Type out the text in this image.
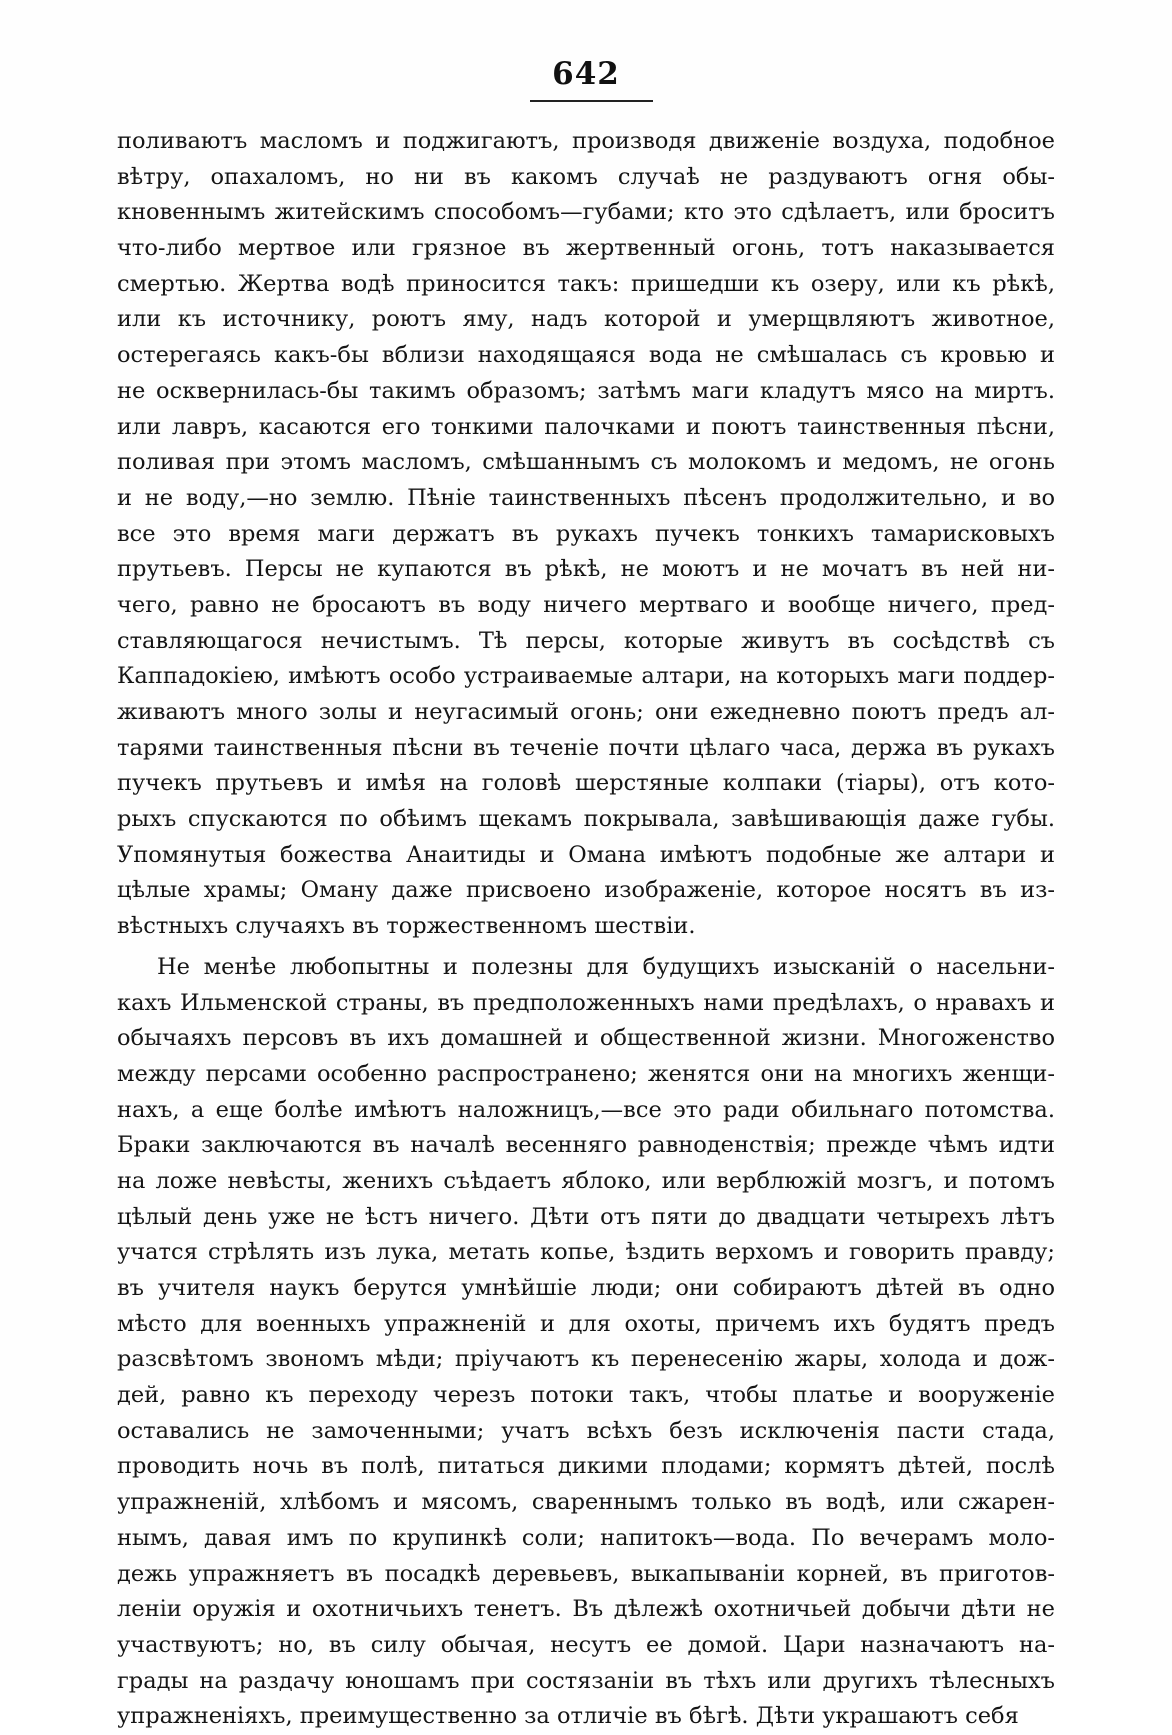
642
поливаютъ масломъ и поджигаютъ, производя движенiе воздуха, подобное
вѣтру, опахаломъ, но ни въ какомъ случаѣ не раздуваютъ огня обы-
кновеннымъ житейскимъ способомъ—губами; кто это сдѣлаетъ, или броситъ
что-либо мертвое или грязное въ жертвенный огонь, тотъ наказывается
смертью. Жертва водѣ приносится такъ: пришедши къ озеру, или къ рѣкѣ,
или къ источнику, роютъ яму, надъ которой и умерщвляютъ животное,
остерегаясь какъ-бы вблизи находящаяся вода не смѣшалась съ кровью и
не осквернилась-бы такимъ образомъ; затѣмъ маги кладутъ мясо на миртъ.
или лавръ, касаются его тонкими палочками и поютъ таинственныя пѣсни,
поливая при этомъ масломъ, смѣшаннымъ съ молокомъ и медомъ, не огонь
и не воду,—но землю. Пѣнiе таинственныхъ пѣсенъ продолжительно, и во
все это время маги держатъ въ рукахъ пучекъ тонкихъ тамарисковыхъ
прутьевъ. Персы не купаются въ рѣкѣ, не моютъ и не мочатъ въ ней ни-
чего, равно не бросаютъ въ воду ничего мертваго и вообще ничего, пред-
ставляющагося нечистымъ. Тѣ персы, которые живутъ въ сосѣдствѣ съ
Каппадокiею, имѣютъ особо устраиваемые алтари, на которыхъ маги поддер-
живаютъ много золы и неугасимый огонь; они ежедневно поютъ предъ ал-
тарями таинственныя пѣсни въ теченiе почти цѣлаго часа, держа въ рукахъ
пучекъ прутьевъ и имѣя на головѣ шерстяные колпаки (тiары), отъ кото-
рыхъ спускаются по обѣимъ щекамъ покрывала, завѣшивающiя даже губы.
Упомянутыя божества Анаитиды и Омана имѣютъ подобные же алтари и
цѣлые храмы; Оману даже присвоено изображенiе, которое носятъ въ из-
вѣстныхъ случаяхъ въ торжественномъ шествiи.
Не менѣе любопытны и полезны для будущихъ изысканiй о насельни-
кахъ Ильменской страны, въ предположенныхъ нами предѣлахъ, о нравахъ и
обычаяхъ персовъ въ ихъ домашней и общественной жизни. Многоженство
между персами особенно распространено; женятся они на многихъ женщи-
нахъ, а еще болѣе имѣютъ наложницъ,—все это ради обильнаго потомства.
Браки заключаются въ началѣ весенняго равноденствiя; прежде чѣмъ идти
на ложе невѣсты, женихъ съѣдаетъ яблоко, или верблюжiй мозгъ, и потомъ
цѣлый день уже не ѣстъ ничего. Дѣти отъ пяти до двадцати четырехъ лѣтъ
учатся стрѣлять изъ лука, метать копье, ѣздить верхомъ и говорить правду;
въ учителя наукъ берутся умнѣйшiе люди; они собираютъ дѣтей въ одно
мѣсто для военныхъ упражненiй и для охоты, причемъ ихъ будятъ предъ
разсвѣтомъ звономъ мѣди; прiучаютъ къ перенесенiю жары, холода и дож-
дей, равно къ переходу черезъ потоки такъ, чтобы платье и вооруженiе
оставались не замоченными; учатъ всѣхъ безъ исключенiя пасти стада,
проводить ночь въ полѣ, питаться дикими плодами; кормятъ дѣтей, послѣ
упражненiй, хлѣбомъ и мясомъ, свареннымъ только въ водѣ, или сжарен-
нымъ, давая имъ по крупинкѣ соли; напитокъ—вода. По вечерамъ моло-
дежь упражняетъ въ посадкѣ деревьевъ, выкапываніи корней, въ приготов-
ленiи оружiя и охотничьихъ тенетъ. Въ дѣлежѣ охотничьей добычи дѣти не
участвуютъ; но, въ силу обычая, несутъ ее домой. Цари назначаютъ на-
грады на раздачу юношамъ при состязанiи въ тѣхъ или другихъ тѣлесныхъ
упражненiяхъ, преимущественно за отличiе въ бѣгѣ. Дѣти украшаютъ себя
